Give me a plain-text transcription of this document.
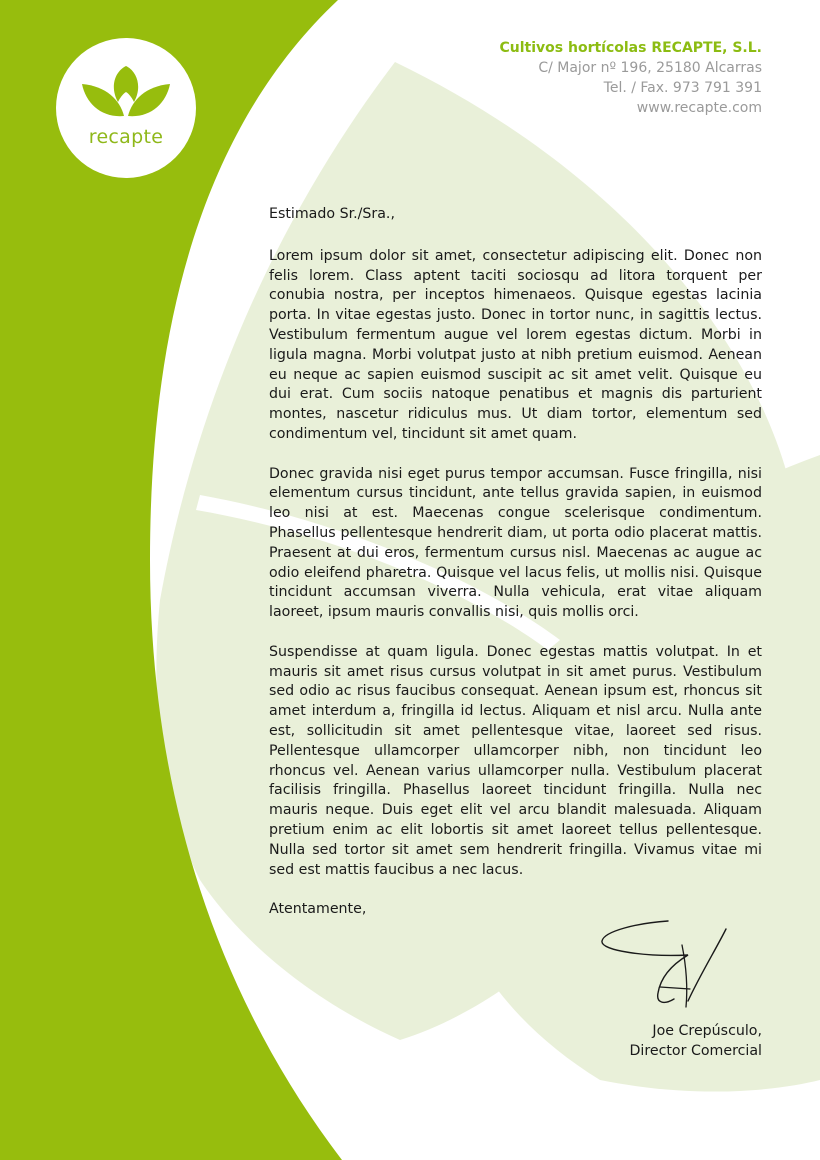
recapte
Cultivos hortícolas RECAPTE, S.L.
C/ Major nº 196, 25180 Alcarras
Tel. / Fax. 973 791 391
www.recapte.com

Estimado Sr./Sra.,

Lorem ipsum dolor sit amet, consectetur adipiscing elit. Donec non felis lorem. Class aptent taciti sociosqu ad litora torquent per conubia nostra, per inceptos himenaeos. Quisque egestas lacinia porta. In vitae egestas justo. Donec in tortor nunc, in sagittis lectus. Vestibulum fermentum augue vel lorem egestas dictum. Morbi in ligula magna. Morbi volutpat justo at nibh pretium euismod. Aenean eu neque ac sapien euismod suscipit ac sit amet velit. Quisque eu dui erat. Cum sociis natoque penatibus et magnis dis parturient montes, nascetur ridiculus mus. Ut diam tortor, elementum sed condimentum vel, tincidunt sit amet quam.

Donec gravida nisi eget purus tempor accumsan. Fusce fringilla, nisi elementum cursus tincidunt, ante tellus gravida sapien, in euismod leo nisi at est. Maecenas congue scelerisque condimentum. Phasellus pellentesque hendrerit diam, ut porta odio placerat mattis. Praesent at dui eros, fermentum cursus nisl. Maecenas ac augue ac odio eleifend pharetra. Quisque vel lacus felis, ut mollis nisi. Quisque tincidunt accumsan viverra. Nulla vehicula, erat vitae aliquam laoreet, ipsum mauris convallis nisi, quis mollis orci.

Suspendisse at quam ligula. Donec egestas mattis volutpat. In et mauris sit amet risus cursus volutpat in sit amet purus. Vestibulum sed odio ac risus faucibus consequat. Aenean ipsum est, rhoncus sit amet interdum a, fringilla id lectus. Aliquam et nisl arcu. Nulla ante est, sollicitudin sit amet pellentesque vitae, laoreet sed risus. Pellentesque ullamcorper ullamcorper nibh, non tincidunt leo rhoncus vel. Aenean varius ullamcorper nulla. Vestibulum placerat facilisis fringilla. Phasellus laoreet tincidunt fringilla. Nulla nec mauris neque. Duis eget elit vel arcu blandit malesuada. Aliquam pretium enim ac elit lobortis sit amet laoreet tellus pellentesque. Nulla sed tortor sit amet sem hendrerit fringilla. Vivamus vitae mi sed est mattis faucibus a nec lacus.

Atentamente,

Joe Crepúsculo,
Director Comercial
